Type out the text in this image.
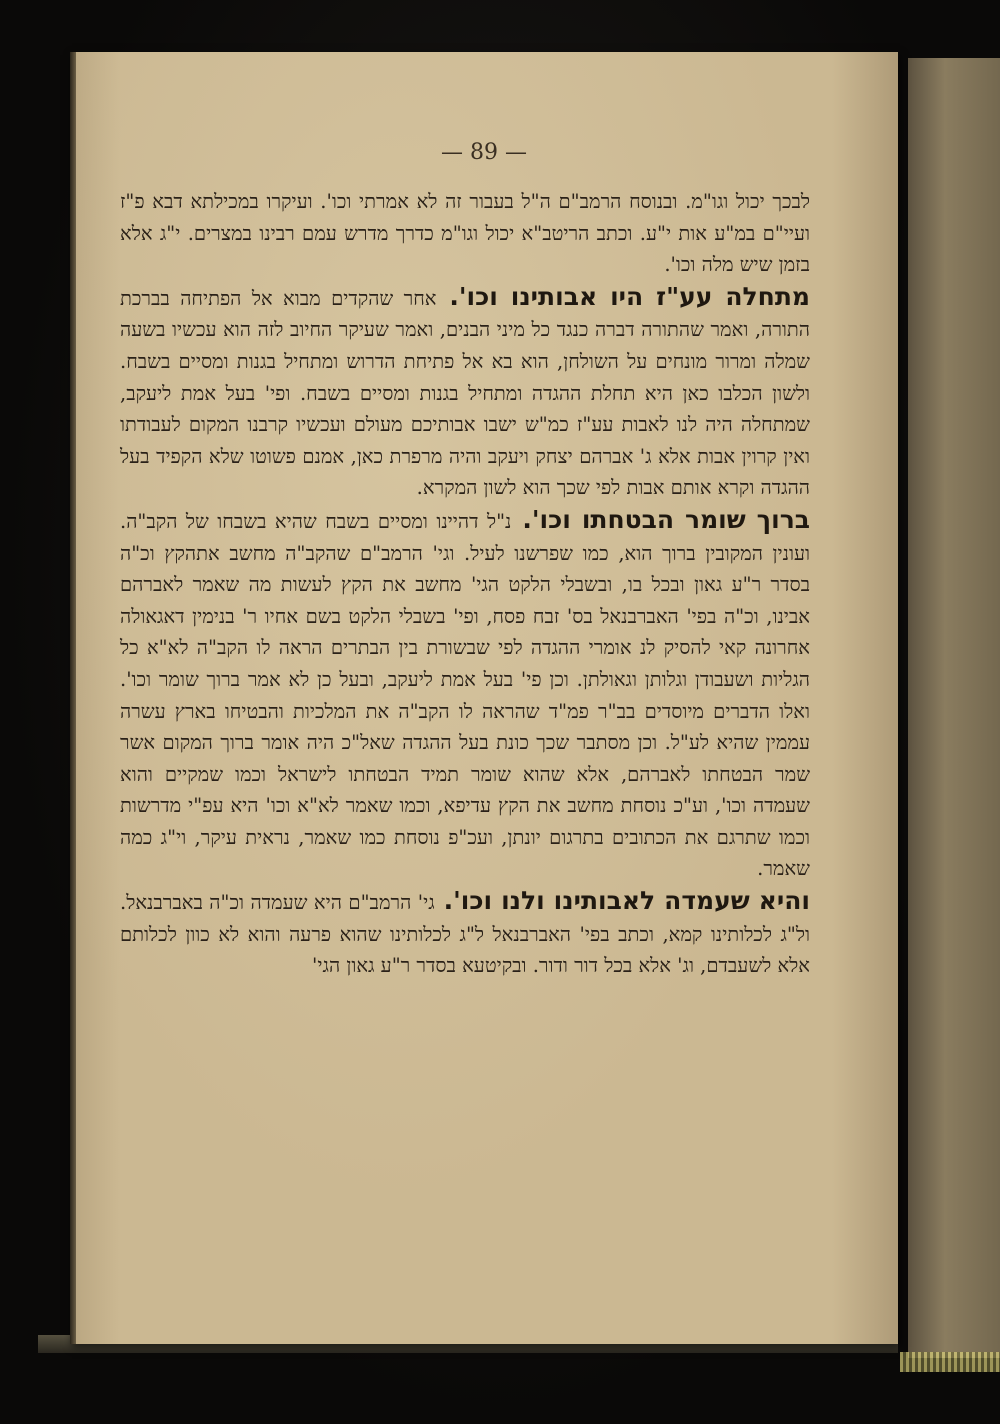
— 89 —

לבכך יכול וגו"מ. ובנוסח הרמב"ם ה"ל בעבור זה לא אמרתי וכו'. ועיקרו במכילתא דבא פ"ז ועיי"ם במ"ע אות י"ע. וכתב הריטב"א יכול וגו"מ כדרך מדרש עמם רבינו במצרים. י"ג אלא בזמן שיש מלה וכו'.

מתחלה עע"ז היו אבותינו וכו'. אחר שהקדים מבוא אל הפתיחה בברכת התורה, ואמר שהתורה דברה כנגד כל מיני הבנים, ואמר שעיקר החיוב לזה הוא עכשיו בשעה שמלה ומרור מונחים על השולחן, הוא בא אל פתיחת הדרוש ומתחיל בגנות ומסיים בשבח. ולשון הכלבו כאן היא תחלת ההגדה ומתחיל בגנות ומסיים בשבח. ופי' בעל אמת ליעקב, שמתחלה היה לנו לאבות עע"ז כמ"ש ישבו אבותיכם מעולם ועכשיו קרבנו המקום לעבודתו ואין קרוין אבות אלא ג' אברהם יצחק ויעקב והיה מרפרת כאן, אמנם פשוטו שלא הקפיד בעל ההגדה וקרא אותם אבות לפי שכך הוא לשון המקרא.

ברוך שומר הבטחתו וכו'. נ"ל דהיינו ומסיים בשבח שהיא בשבחו של הקב"ה. ועונין המקובין ברוך הוא, כמו שפרשנו לעיל. וגי' הרמב"ם שהקב"ה מחשב אתהקץ וכ"ה בסדר ר"ע גאון ובכל בו, ובשבלי הלקט הגי' מחשב את הקץ לעשות מה שאמר לאברהם אבינו, וכ"ה בפי' האברבנאל בס' זבח פסח, ופי' בשבלי הלקט בשם אחיו ר' בנימין דאגאולה אחרונה קאי להסיק לנ אומרי ההגדה לפי שבשורת בין הבתרים הראה לו הקב"ה לא"א כל הגליות ושעבודן וגלותן וגאולתן. וכן פי' בעל אמת ליעקב, ובעל כן לא אמר ברוך שומר וכו'. ואלו הדברים מיוסדים בב"ר פמ"ד שהראה לו הקב"ה את המלכיות והבטיחו בארץ עשרה עממין שהיא לע"ל. וכן מסתבר שכך כונת בעל ההגדה שאל"כ היה אומר ברוך המקום אשר שמר הבטחתו לאברהם, אלא שהוא שומר תמיד הבטחתו לישראל וכמו שמקיים והוא שעמדה וכו', וע"כ נוסחת מחשב את הקץ עדיפא, וכמו שאמר לא"א וכו' היא עפ"י מדרשות וכמו שתרגם את הכתובים בתרגום יונתן, ועכ"פ נוסחת כמו שאמר, נראית עיקר, וי"ג כמה שאמר.

והיא שעמדה לאבותינו ולנו וכו'. גי' הרמב"ם היא שעמדה וכ"ה באברבנאל. ול"ג לכלותינו קמא, וכתב בפי' האברבנאל ל"ג לכלותינו שהוא פרעה והוא לא כוון לכלותם אלא לשעבדם, וג' אלא בכל דור ודור. ובקיטעא בסדר ר"ע גאון הגי'
